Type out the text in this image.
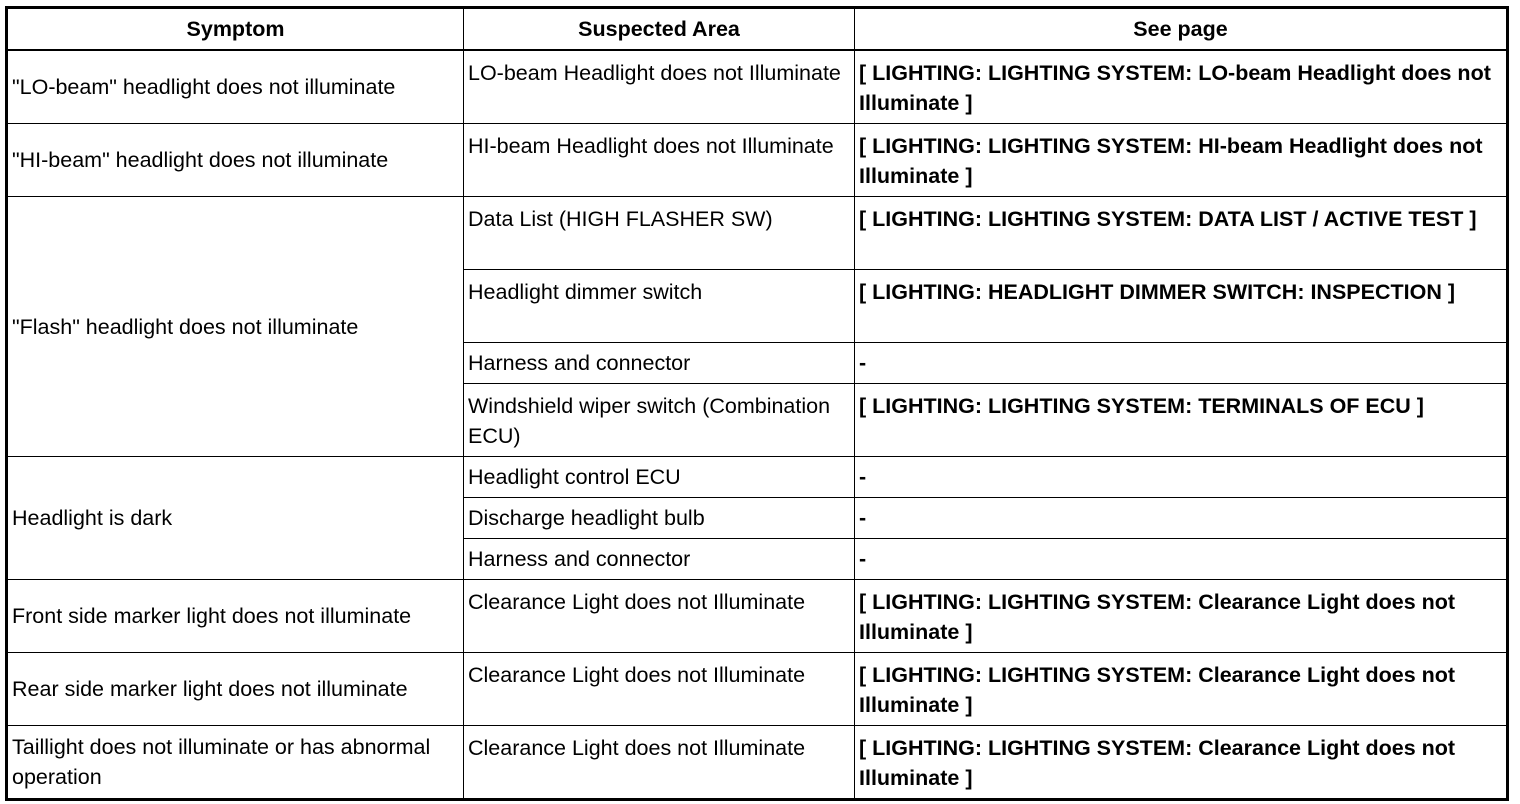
Symptom	Suspected Area	See page
"LO-beam" headlight does not illuminate	LO-beam Headlight does not Illuminate	[ LIGHTING: LIGHTING SYSTEM: LO-beam Headlight does not Illuminate ]
"HI-beam" headlight does not illuminate	HI-beam Headlight does not Illuminate	[ LIGHTING: LIGHTING SYSTEM: HI-beam Headlight does not Illuminate ]
"Flash" headlight does not illuminate	Data List (HIGH FLASHER SW)	[ LIGHTING: LIGHTING SYSTEM: DATA LIST / ACTIVE TEST ]
	Headlight dimmer switch	[ LIGHTING: HEADLIGHT DIMMER SWITCH: INSPECTION ]
	Harness and connector	-
	Windshield wiper switch (Combination ECU)	[ LIGHTING: LIGHTING SYSTEM: TERMINALS OF ECU ]
Headlight is dark	Headlight control ECU	-
	Discharge headlight bulb	-
	Harness and connector	-
Front side marker light does not illuminate	Clearance Light does not Illuminate	[ LIGHTING: LIGHTING SYSTEM: Clearance Light does not Illuminate ]
Rear side marker light does not illuminate	Clearance Light does not Illuminate	[ LIGHTING: LIGHTING SYSTEM: Clearance Light does not Illuminate ]
Taillight does not illuminate or has abnormal operation	Clearance Light does not Illuminate	[ LIGHTING: LIGHTING SYSTEM: Clearance Light does not Illuminate ]
